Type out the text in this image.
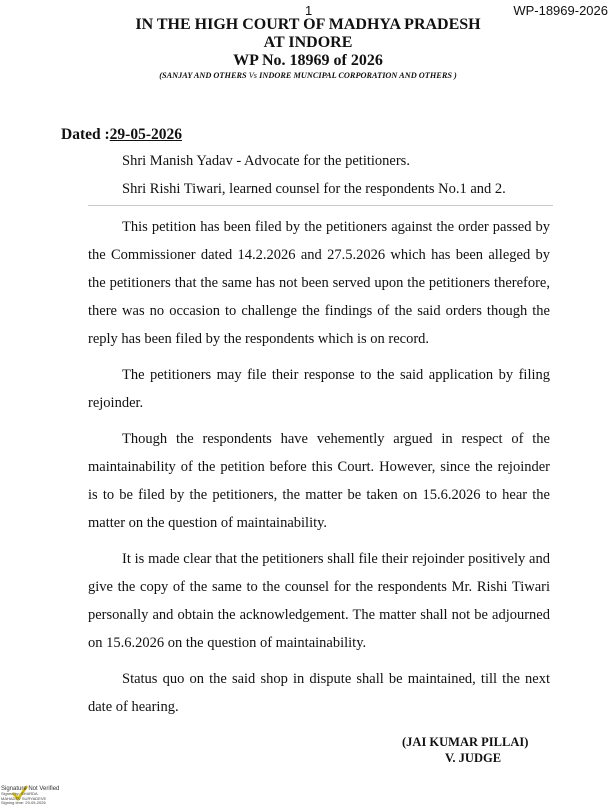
1	WP-18969-2026
IN THE HIGH COURT OF MADHYA PRADESH
AT INDORE
WP No. 18969 of 2026
(SANJAY AND OTHERS Vs INDORE MUNCIPAL CORPORATION AND OTHERS )
Dated :29-05-2026
Shri Manish Yadav - Advocate for the petitioners.
Shri Rishi Tiwari, learned counsel for the respondents No.1 and 2.

This petition has been filed by the petitioners against the order passed by the Commissioner dated 14.2.2026 and 27.5.2026 which has been alleged by the petitioners that the same has not been served upon the petitioners therefore, there was no occasion to challenge the findings of the said orders though the reply has been filed by the respondents which is on record.

The petitioners may file their response to the said application by filing rejoinder.

Though the respondents have vehemently argued in respect of the maintainability of the petition before this Court. However, since the rejoinder is to be filed by the petitioners, the matter be taken on 15.6.2026 to hear the matter on the question of maintainability.

It is made clear that the petitioners shall file their rejoinder positively and give the copy of the same to the counsel for the respondents Mr. Rishi Tiwari personally and obtain the acknowledgement. The matter shall not be adjourned on 15.6.2026 on the question of maintainability.

Status quo on the said shop in dispute shall be maintained, till the next date of hearing.

(JAI KUMAR PILLAI)
V. JUDGE
Signature Not Verified
Signed by: SHARDA
MAHADEV SURYADEVE
Signing time: 29-05-2026
